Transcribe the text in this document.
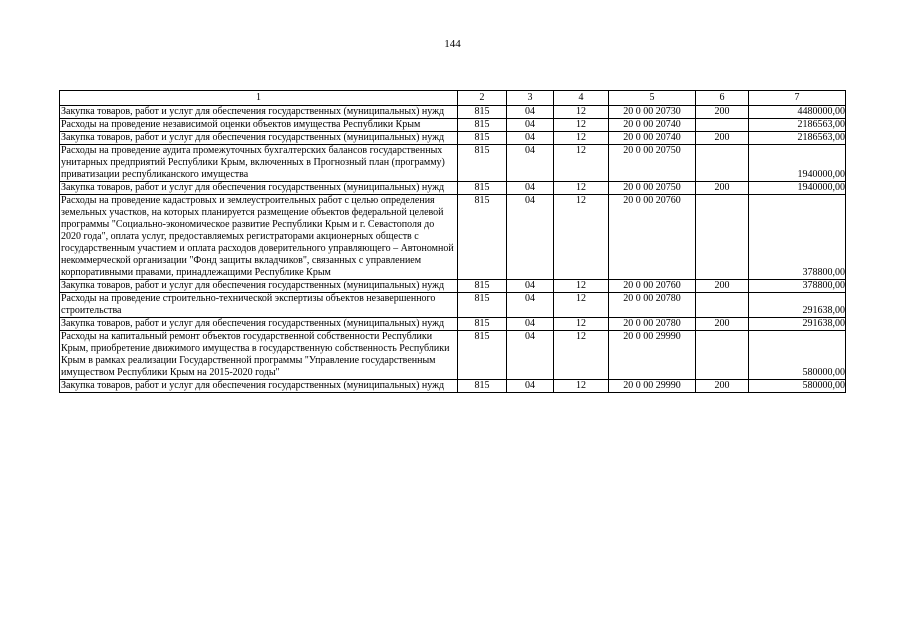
144
1	2	3	4	5	6	7
Закупка товаров, работ и услуг для обеспечения государственных (муниципальных) нужд	815	04	12	20 0 00 20730	200	4480000,00
Расходы на проведение независимой оценки объектов имущества Республики Крым	815	04	12	20 0 00 20740		2186563,00
Закупка товаров, работ и услуг для обеспечения государственных (муниципальных) нужд	815	04	12	20 0 00 20740	200	2186563,00
Расходы на проведение аудита промежуточных бухгалтерских балансов государственных унитарных предприятий Республики Крым, включенных в Прогнозный план (программу) приватизации республиканского имущества	815	04	12	20 0 00 20750		1940000,00
Закупка товаров, работ и услуг для обеспечения государственных (муниципальных) нужд	815	04	12	20 0 00 20750	200	1940000,00
Расходы на проведение кадастровых и землеустроительных работ с целью определения земельных участков, на которых планируется размещение объектов федеральной целевой программы "Социально-экономическое развитие Республики Крым и г. Севастополя до 2020 года", оплата услуг, предоставляемых регистраторами акционерных обществ с государственным участием и оплата расходов доверительного управляющего – Автономной некоммерческой организации "Фонд защиты вкладчиков", связанных с управлением корпоративными правами, принадлежащими Республике Крым	815	04	12	20 0 00 20760		378800,00
Закупка товаров, работ и услуг для обеспечения государственных (муниципальных) нужд	815	04	12	20 0 00 20760	200	378800,00
Расходы на проведение строительно-технической экспертизы объектов незавершенного строительства	815	04	12	20 0 00 20780		291638,00
Закупка товаров, работ и услуг для обеспечения государственных (муниципальных) нужд	815	04	12	20 0 00 20780	200	291638,00
Расходы на капитальный ремонт объектов государственной собственности Республики Крым, приобретение движимого имущества в государственную собственность Республики Крым в рамках реализации Государственной программы "Управление государственным имуществом Республики Крым на 2015-2020 годы"	815	04	12	20 0 00 29990		580000,00
Закупка товаров, работ и услуг для обеспечения государственных (муниципальных) нужд	815	04	12	20 0 00 29990	200	580000,00
